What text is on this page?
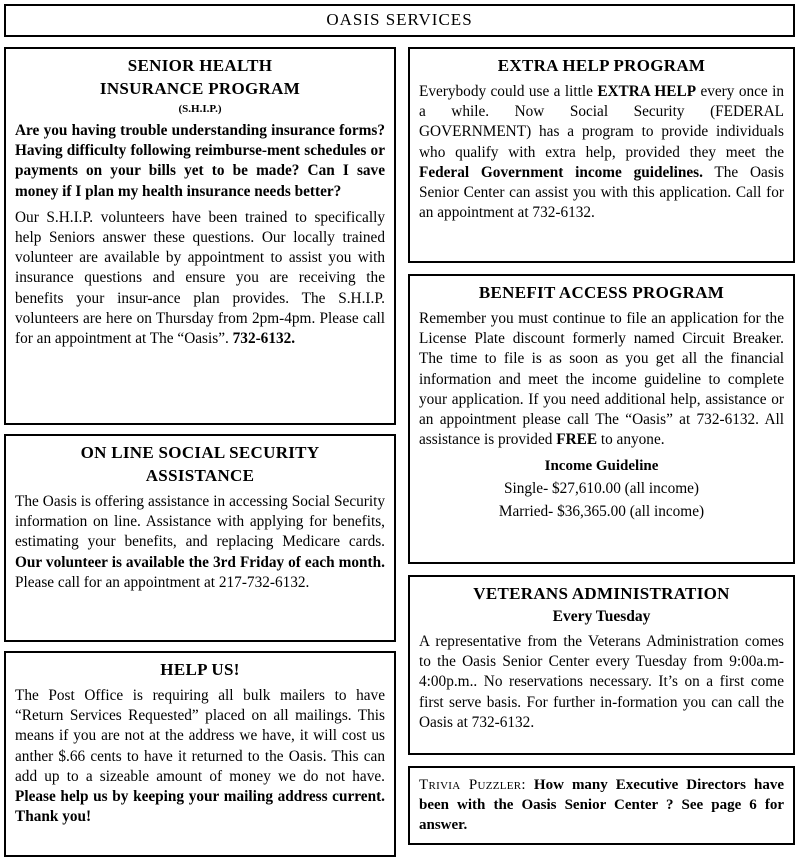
OASIS SERVICES
SENIOR HEALTH
INSURANCE PROGRAM
(S.H.I.P.)

Are you having trouble understanding insurance forms? Having difficulty following reimburse-ment schedules or payments on your bills yet to be made? Can I save money if I plan my health insurance needs better?

Our S.H.I.P. volunteers have been trained to specifically help Seniors answer these questions. Our locally trained volunteer are available by appointment to assist you with insurance questions and ensure you are receiving the benefits your insur-ance plan provides. The S.H.I.P. volunteers are here on Thursday from 2pm-4pm. Please call for an appointment at The “Oasis”. 732-6132.

ON LINE SOCIAL SECURITY
ASSISTANCE

The Oasis is offering assistance in accessing Social Security information on line. Assistance with applying for benefits, estimating your benefits, and replacing Medicare cards. Our volunteer is available the 3rd Friday of each month. Please call for an appointment at 217-732-6132.

HELP US!

The Post Office is requiring all bulk mailers to have “Return Services Requested” placed on all mailings. This means if you are not at the address we have, it will cost us anther $.66 cents to have it returned to the Oasis. This can add up to a sizeable amount of money we do not have. Please help us by keeping your mailing address current. Thank you!

EXTRA HELP PROGRAM

Everybody could use a little EXTRA HELP every once in a while. Now Social Security (FEDERAL GOVERNMENT) has a program to provide individuals who qualify with extra help, provided they meet the Federal Government income guidelines. The Oasis Senior Center can assist you with this application. Call for an appointment at 732-6132.

BENEFIT ACCESS PROGRAM

Remember you must continue to file an application for the License Plate discount formerly named Circuit Breaker. The time to file is as soon as you get all the financial information and meet the income guideline to complete your application. If you need additional help, assistance or an appointment please call The “Oasis” at 732-6132. All assistance is provided FREE to anyone.

Income Guideline
Single- $27,610.00 (all income)
Married- $36,365.00 (all income)
VETERANS ADMINISTRATION
Every Tuesday

A representative from the Veterans Administration comes to the Oasis Senior Center every Tuesday from 9:00a.m-4:00p.m.. No reservations necessary. It’s on a first come first serve basis. For further in-formation you can call the Oasis at 732-6132.

Trivia Puzzler: How many Executive Directors have been with the Oasis Senior Center ? See page 6 for answer.
